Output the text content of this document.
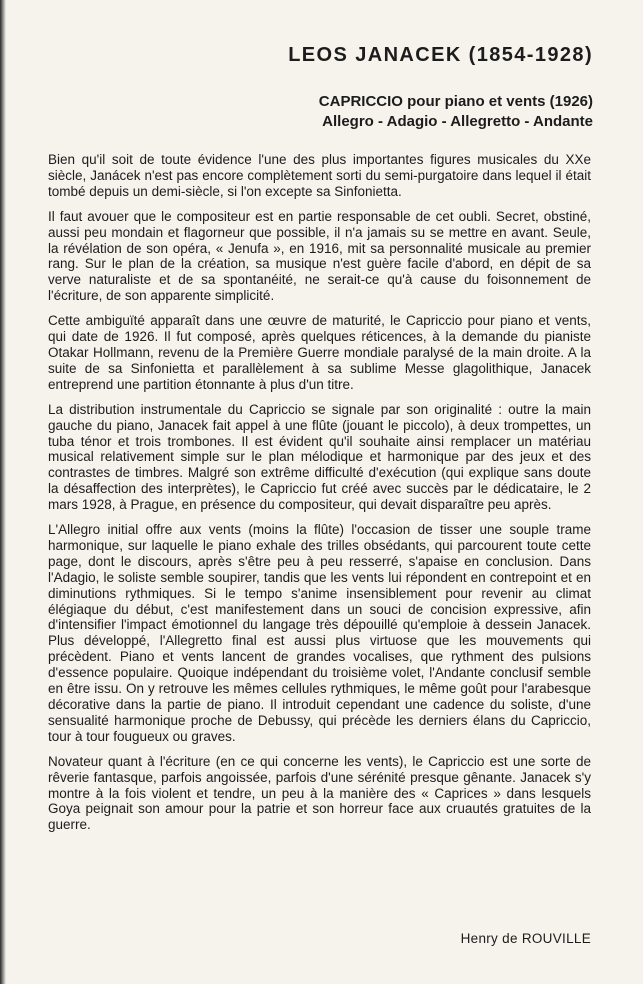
LEOS JANACEK (1854-1928)
CAPRICCIO pour piano et vents (1926)
Allegro - Adagio - Allegretto - Andante

Bien qu'il soit de toute évidence l'une des plus importantes figures musicales du XXe siècle, Janácek n'est pas encore complètement sorti du semi-purgatoire dans lequel il était tombé depuis un demi-siècle, si l'on excepte sa Sinfonietta.

Il faut avouer que le compositeur est en partie responsable de cet oubli. Secret, obstiné, aussi peu mondain et flagorneur que possible, il n'a jamais su se mettre en avant. Seule, la révélation de son opéra, « Jenufa », en 1916, mit sa personnalité musicale au premier rang. Sur le plan de la création, sa musique n'est guère facile d'abord, en dépit de sa verve naturaliste et de sa spontanéité, ne serait-ce qu'à cause du foisonnement de l'écriture, de son apparente simplicité.

Cette ambiguïté apparaît dans une œuvre de maturité, le Capriccio pour piano et vents, qui date de 1926. Il fut composé, après quelques réticences, à la demande du pianiste Otakar Hollmann, revenu de la Première Guerre mondiale paralysé de la main droite. A la suite de sa Sinfonietta et parallèlement à sa sublime Messe glagolithique, Janacek entreprend une partition étonnante à plus d'un titre.

La distribution instrumentale du Capriccio se signale par son originalité : outre la main gauche du piano, Janacek fait appel à une flûte (jouant le piccolo), à deux trompettes, un tuba ténor et trois trombones. Il est évident qu'il souhaite ainsi remplacer un matériau musical relativement simple sur le plan mélodique et harmonique par des jeux et des contrastes de timbres. Malgré son extrême difficulté d'exécution (qui explique sans doute la désaffection des interprètes), le Capriccio fut créé avec succès par le dédicataire, le 2 mars 1928, à Prague, en présence du compositeur, qui devait disparaître peu après.

L'Allegro initial offre aux vents (moins la flûte) l'occasion de tisser une souple trame harmonique, sur laquelle le piano exhale des trilles obsédants, qui parcourent toute cette page, dont le discours, après s'être peu à peu resserré, s'apaise en conclusion. Dans l'Adagio, le soliste semble soupirer, tandis que les vents lui répondent en contrepoint et en diminutions rythmiques. Si le tempo s'anime insensiblement pour revenir au climat élégiaque du début, c'est manifestement dans un souci de concision expressive, afin d'intensifier l'impact émotionnel du langage très dépouillé qu'emploie à dessein Janacek. Plus développé, l'Allegretto final est aussi plus virtuose que les mouvements qui précèdent. Piano et vents lancent de grandes vocalises, que rythment des pulsions d'essence populaire. Quoique indépendant du troisième volet, l'Andante conclusif semble en être issu. On y retrouve les mêmes cellules rythmiques, le même goût pour l'arabesque décorative dans la partie de piano. Il introduit cependant une cadence du soliste, d'une sensualité harmonique proche de Debussy, qui précède les derniers élans du Capriccio, tour à tour fougueux ou graves.

Novateur quant à l'écriture (en ce qui concerne les vents), le Capriccio est une sorte de rêverie fantasque, parfois angoissée, parfois d'une sérénité presque gênante. Janacek s'y montre à la fois violent et tendre, un peu à la manière des « Caprices » dans lesquels Goya peignait son amour pour la patrie et son horreur face aux cruautés gratuites de la guerre.

Henry de ROUVILLE
